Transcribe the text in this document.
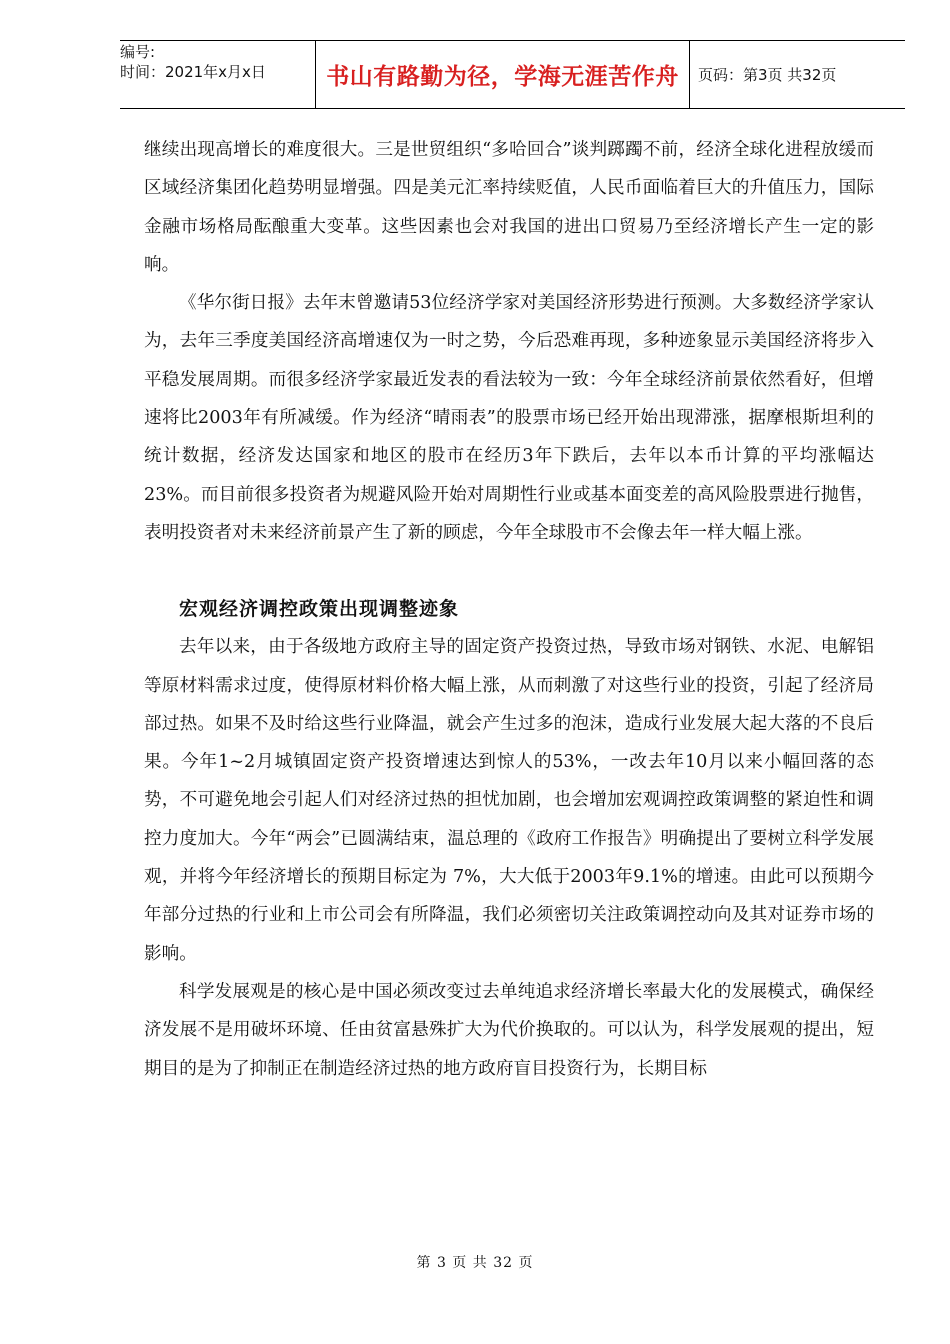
编号:
时间：2021年x月x日	书山有路勤为径，学海无涯苦作舟	页码：第3页 共32页

继续出现高增长的难度很大。三是世贸组织“多哈回合”谈判踯躅不前，经济全球化进程放缓而区域经济集团化趋势明显增强。四是美元汇率持续贬值，人民币面临着巨大的升值压力，国际金融市场格局酝酿重大变革。这些因素也会对我国的进出口贸易乃至经济增长产生一定的影响。

《华尔街日报》去年末曾邀请53位经济学家对美国经济形势进行预测。大多数经济学家认为，去年三季度美国经济高增速仅为一时之势，今后恐难再现，多种迹象显示美国经济将步入平稳发展周期。而很多经济学家最近发表的看法较为一致：今年全球经济前景依然看好，但增速将比2003年有所减缓。作为经济“晴雨表”的股票市场已经开始出现滞涨，据摩根斯坦利的统计数据，经济发达国家和地区的股市在经历3年下跌后，去年以本币计算的平均涨幅达23%。而目前很多投资者为规避风险开始对周期性行业或基本面变差的高风险股票进行抛售，表明投资者对未来经济前景产生了新的顾虑，今年全球股市不会像去年一样大幅上涨。

宏观经济调控政策出现调整迹象

去年以来，由于各级地方政府主导的固定资产投资过热，导致市场对钢铁、水泥、电解铝等原材料需求过度，使得原材料价格大幅上涨，从而刺激了对这些行业的投资，引起了经济局部过热。如果不及时给这些行业降温，就会产生过多的泡沫，造成行业发展大起大落的不良后果。今年1~2月城镇固定资产投资增速达到惊人的53%，一改去年10月以来小幅回落的态势，不可避免地会引起人们对经济过热的担忧加剧，也会增加宏观调控政策调整的紧迫性和调控力度加大。今年“两会”已圆满结束，温总理的《政府工作报告》明确提出了要树立科学发展观，并将今年经济增长的预期目标定为 7%，大大低于2003年9.1%的增速。由此可以预期今年部分过热的行业和上市公司会有所降温，我们必须密切关注政策调控动向及其对证券市场的影响。

科学发展观是的核心是中国必须改变过去单纯追求经济增长率最大化的发展模式，确保经济发展不是用破坏环境、任由贫富悬殊扩大为代价换取的。可以认为，科学发展观的提出，短期目的是为了抑制正在制造经济过热的地方政府盲目投资行为，长期目标

第 3 页 共 32 页
